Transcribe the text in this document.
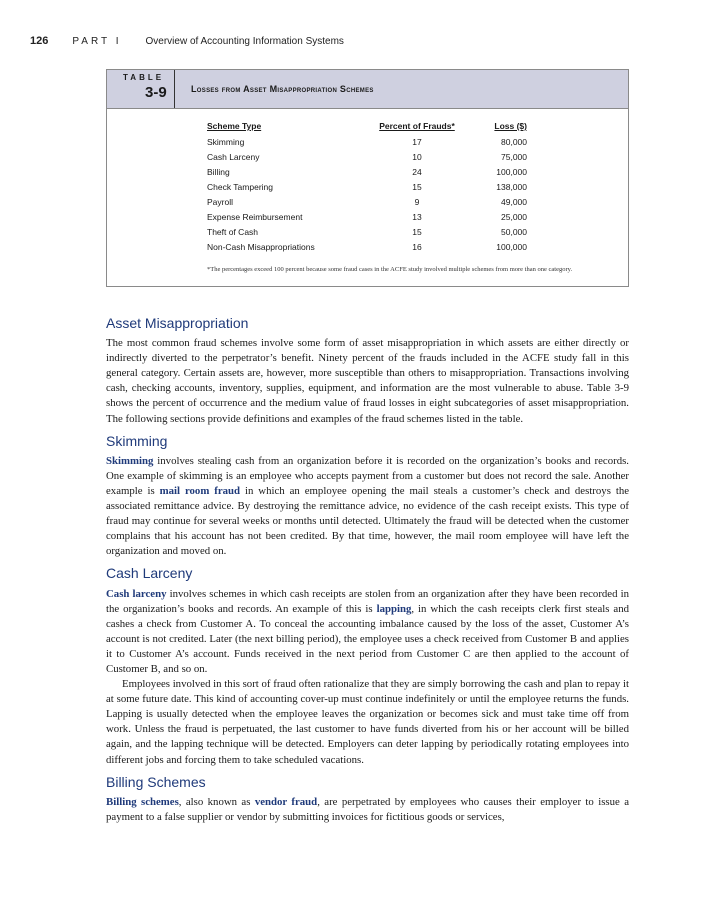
126 PART I Overview of Accounting Information Systems
TABLE
3-9	Losses from Asset Misappropriation Schemes
Scheme Type	Percent of Frauds*	Loss ($)
Skimming	17	80,000
Cash Larceny	10	75,000
Billing	24	100,000
Check Tampering	15	138,000
Payroll	9	49,000
Expense Reimbursement	13	25,000
Theft of Cash	15	50,000
Non-Cash Misappropriations	16	100,000
*The percentages exceed 100 percent because some fraud cases in the ACFE study involved multiple schemes from more than one category.
Asset Misappropriation

The most common fraud schemes involve some form of asset misappropriation in which assets are either directly or indirectly diverted to the perpetrator’s benefit. Ninety percent of the frauds included in the ACFE study fall in this general category. Certain assets are, however, more susceptible than others to misappropriation. Transactions involving cash, checking accounts, inventory, supplies, equipment, and information are the most vulnerable to abuse. Table 3-9 shows the percent of occurrence and the medium value of fraud losses in eight subcategories of asset misappropriation. The following sections provide definitions and examples of the fraud schemes listed in the table.

Skimming

Skimming involves stealing cash from an organization before it is recorded on the organization’s books and records. One example of skimming is an employee who accepts payment from a customer but does not record the sale. Another example is mail room fraud in which an employee opening the mail steals a customer’s check and destroys the associated remittance advice. By destroying the remittance advice, no evidence of the cash receipt exists. This type of fraud may continue for several weeks or months until detected. Ultimately the fraud will be detected when the customer complains that his account has not been credited. By that time, however, the mail room employee will have left the organization and moved on.

Cash Larceny

Cash larceny involves schemes in which cash receipts are stolen from an organization after they have been recorded in the organization’s books and records. An example of this is lapping, in which the cash receipts clerk first steals and cashes a check from Customer A. To conceal the accounting imbalance caused by the loss of the asset, Customer A’s account is not credited. Later (the next billing period), the employee uses a check received from Customer B and applies it to Customer A’s account. Funds received in the next period from Customer C are then applied to the account of Customer B, and so on.

Employees involved in this sort of fraud often rationalize that they are simply borrowing the cash and plan to repay it at some future date. This kind of accounting cover-up must continue indefinitely or until the employee returns the funds. Lapping is usually detected when the employee leaves the organization or becomes sick and must take time off from work. Unless the fraud is perpetuated, the last customer to have funds diverted from his or her account will be billed again, and the lapping technique will be detected. Employers can deter lapping by periodically rotating employees into different jobs and forcing them to take scheduled vacations.

Billing Schemes

Billing schemes, also known as vendor fraud, are perpetrated by employees who causes their employer to issue a payment to a false supplier or vendor by submitting invoices for fictitious goods or services,
